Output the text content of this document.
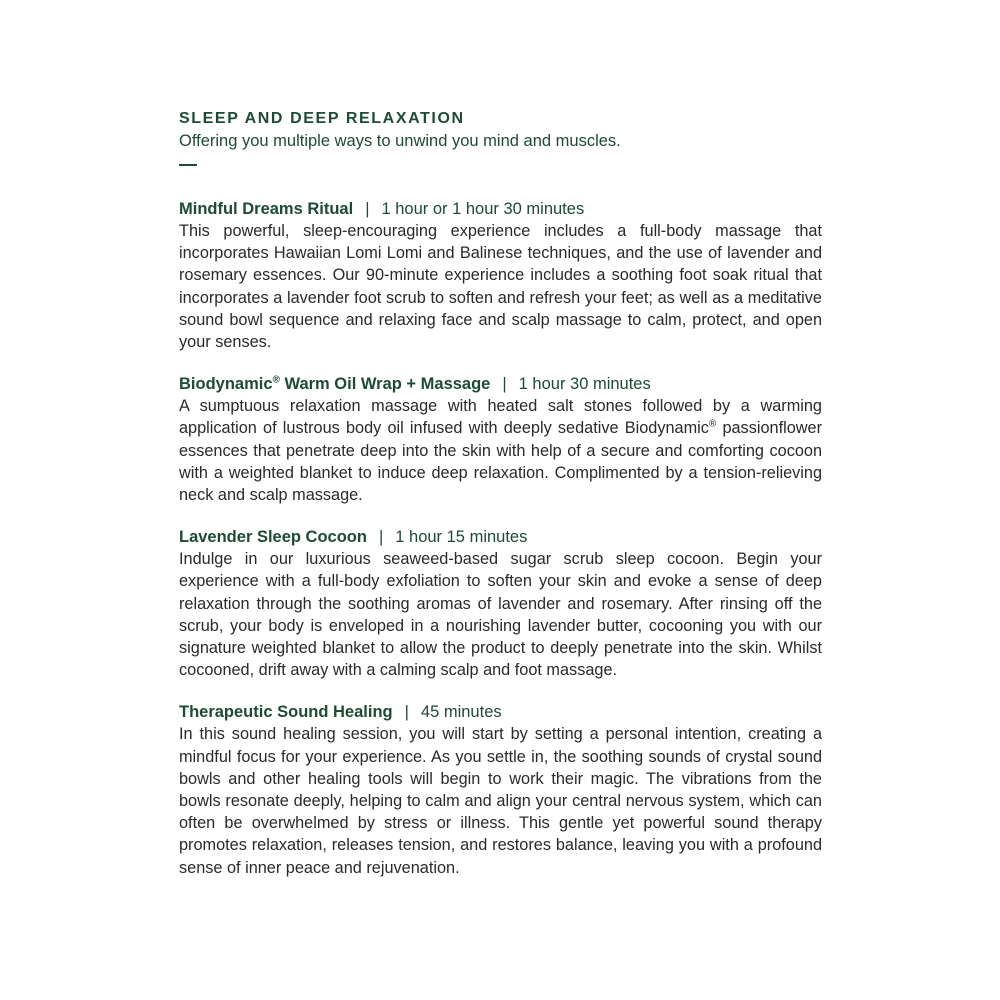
SLEEP AND DEEP RELAXATION

Offering you multiple ways to unwind you mind and muscles.

Mindful Dreams Ritual | 1 hour or 1 hour 30 minutes

This powerful, sleep-encouraging experience includes a full-body massage that incorporates Hawaiian Lomi Lomi and Balinese techniques, and the use of lavender and rosemary essences. Our 90-minute experience includes a soothing foot soak ritual that incorporates a lavender foot scrub to soften and refresh your feet; as well as a meditative sound bowl sequence and relaxing face and scalp massage to calm, protect, and open your senses.

Biodynamic® Warm Oil Wrap + Massage | 1 hour 30 minutes

A sumptuous relaxation massage with heated salt stones followed by a warming application of lustrous body oil infused with deeply sedative Biodynamic® passionflower essences that penetrate deep into the skin with help of a secure and comforting cocoon with a weighted blanket to induce deep relaxation. Complimented by a tension-relieving neck and scalp massage.

Lavender Sleep Cocoon | 1 hour 15 minutes

Indulge in our luxurious seaweed-based sugar scrub sleep cocoon. Begin your experience with a full-body exfoliation to soften your skin and evoke a sense of deep relaxation through the soothing aromas of lavender and rosemary. After rinsing off the scrub, your body is enveloped in a nourishing lavender butter, cocooning you with our signature weighted blanket to allow the product to deeply penetrate into the skin. Whilst cocooned, drift away with a calming scalp and foot massage.

Therapeutic Sound Healing | 45 minutes

In this sound healing session, you will start by setting a personal intention, creating a mindful focus for your experience. As you settle in, the soothing sounds of crystal sound bowls and other healing tools will begin to work their magic. The vibrations from the bowls resonate deeply, helping to calm and align your central nervous system, which can often be overwhelmed by stress or illness. This gentle yet powerful sound therapy promotes relaxation, releases tension, and restores balance, leaving you with a profound sense of inner peace and rejuvenation.
